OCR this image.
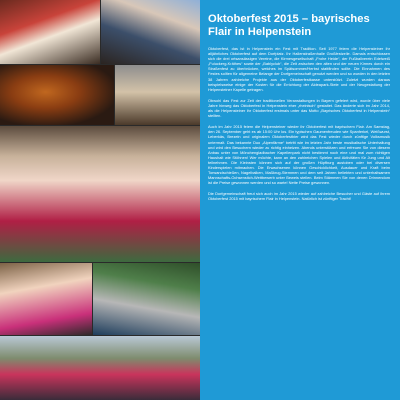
Oktoberfest 2015 – bayrisches Flair in Helpenstein

Oktoberfest, das ist in Helpenstein ein Fest mit Tradition. Seit 1977 feiern die Helpensteiner ihr alljährliches Oktoberfest auf dem Dorfplatz. Ihr Hallenstraßenhalle Großfestzelle. Damals entschlossen sich die drei ortsansässigen Vereine, die Kirmesgesellschaft „Frohe Heide“, der Fußballverein Edelweiß „Fuiuckerg-Kräthes“ sowie der „Bablyclub“, die Zeit zwischen den alten und der neuen Kirmes durch ein Straßenfest zu überbrücken, welches im Spätsommer/Herbst stattfinden sollte. Die Einnahmen des Festes sollten für allgemeine Belange der Dorfgemeinschaft genutzt werden und so wurden in den letzten 38 Jahren zahlreiche Projekte aus der Oktoberfestkasse unterstützt. Zuletzt wurden daraus beispielsweise einige der Kosten für die Errichtung der Aldeapark-Stele und der Neugestaltung der Helpensteiner Kapelle getragen.

Obwohl das Fest zur Zeit der traditionellen Veranstaltungen in Bayern gefeiert wird, wurde über viele Jahre hinweg das Oktoberfest in Helpenstein eher „rheinisch“ gestaltet. Das änderte sich im Jahr 2014, als die Helpensteiner ihr Oktoberfest erstmals unter das Motto „Bayrisches Oktoberfest in Helpenstein“ stellten.

Auch im Jahr 2015 feiern die Helpensteiner wieder ihr Oktoberfest mit bayrischem Flair. Am Samstag, den 26. September geht es ab 15:00 Uhr los. Ein typischen Gaumenfreuden wie Spanferkel, Weißwurst, Leberkäs, Brezeln und originalem Oktoberfestbier wird das Fest wieder durch zünftige Volksmusik untermalt. Das bekannte Duo „Alpenfärme“ betritt wie im letzten Jahr beste musikalische Unterhaltung und wird den Besuchern wieder zu richtig einheizen. Abends unterstützen und erfreuen Sie von diesem Anbau unter von Mönchengladbacher Kapellenpark nicht bestimmt noch eine und mal zum richtigen Haushalt wie Stöhnen! Wer möchte, kann an den zahlreichen Spielen und Aktivitäten für Jung und Alt teilnehmen. Die Kleinsten können sich auf der großen Hüpfburg austoben oder bei diversen Kinderspielen mitmachen. Die Erwachsenen können Geschicklichkeit, Ausdauer und Kraft beim Torwandschießen, Nagelbalken, Maßkrug-Stemmen und dem seit Jahren beliebten und unterhaltsamen Mannschafts-Ochsenstich-Wettbewerb unter Beweis stellen. Beim Stämmen Sie von denen Drinnendom ist die Preise gewonnen werden und so warte! Nette Preise gewonnen.

Die Dorfgemeinschaft freut sich auch im Jahr 2015 wieder auf zahlreiche Besucher und Gäste auf ihrem Oktoberfest 2015 mit bayrischem Flair in Helpenstein. Natürlich ist zünftiger Tracht!
